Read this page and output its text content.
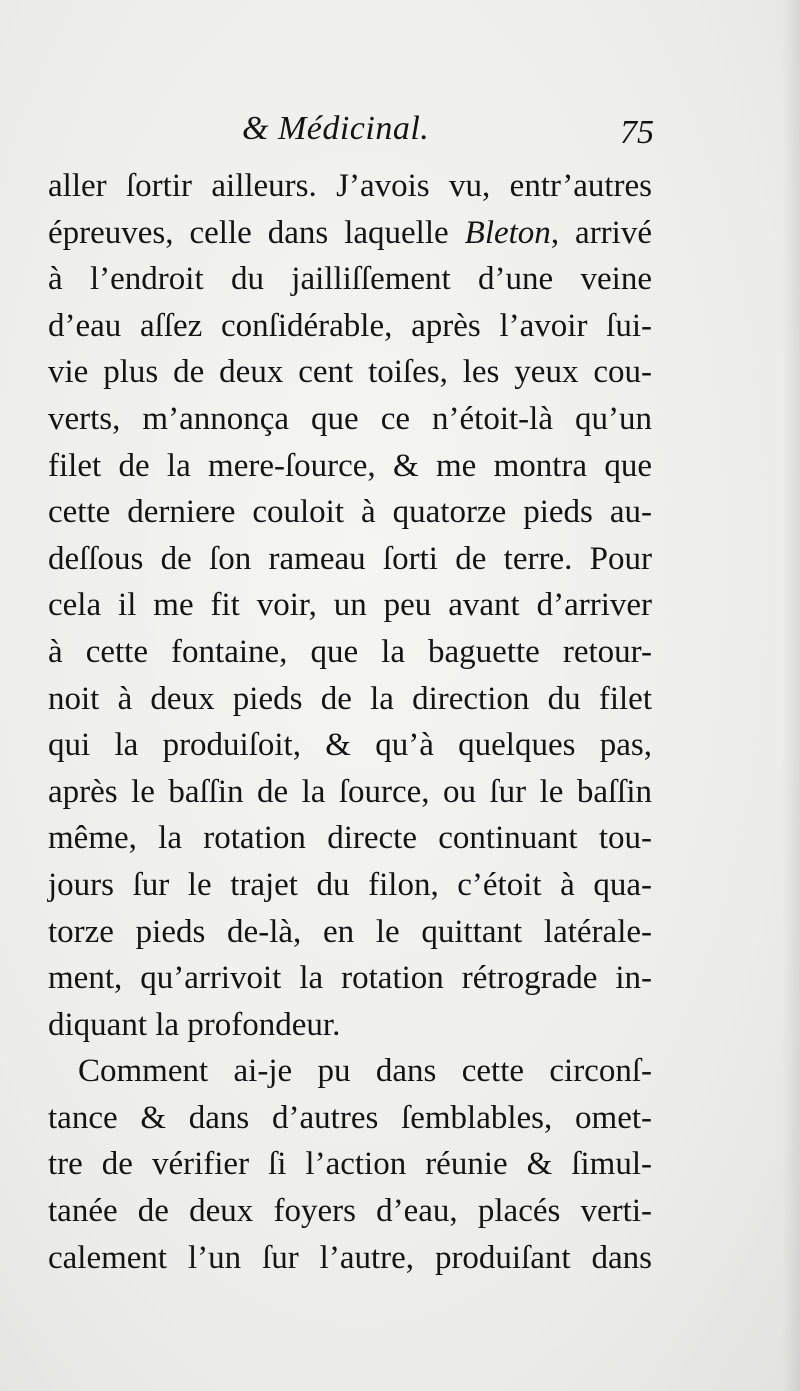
& Médicinal.	75
aller ſortir ailleurs. J’avois vu, entr’autres
épreuves, celle dans laquelle Bleton, arrivé
à l’endroit du jailliſſement d’une veine
d’eau aſſez conſidérable, après l’avoir ſui-
vie plus de deux cent toiſes, les yeux cou-
verts, m’annonça que ce n’étoit-là qu’un
filet de la mere-ſource, & me montra que
cette derniere couloit à quatorze pieds au-
deſſous de ſon rameau ſorti de terre. Pour
cela il me fit voir, un peu avant d’arriver
à cette fontaine, que la baguette retour-
noit à deux pieds de la direction du filet
qui la produiſoit, & qu’à quelques pas,
après le baſſin de la ſource, ou ſur le baſſin
même, la rotation directe continuant tou-
jours ſur le trajet du filon, c’étoit à qua-
torze pieds de-là, en le quittant latérale-
ment, qu’arrivoit la rotation rétrograde in-
diquant la profondeur.
Comment ai-je pu dans cette circonſ-
tance & dans d’autres ſemblables, omet-
tre de vérifier ſi l’action réunie & ſimul-
tanée de deux foyers d’eau, placés verti-
calement l’un ſur l’autre, produiſant dans
